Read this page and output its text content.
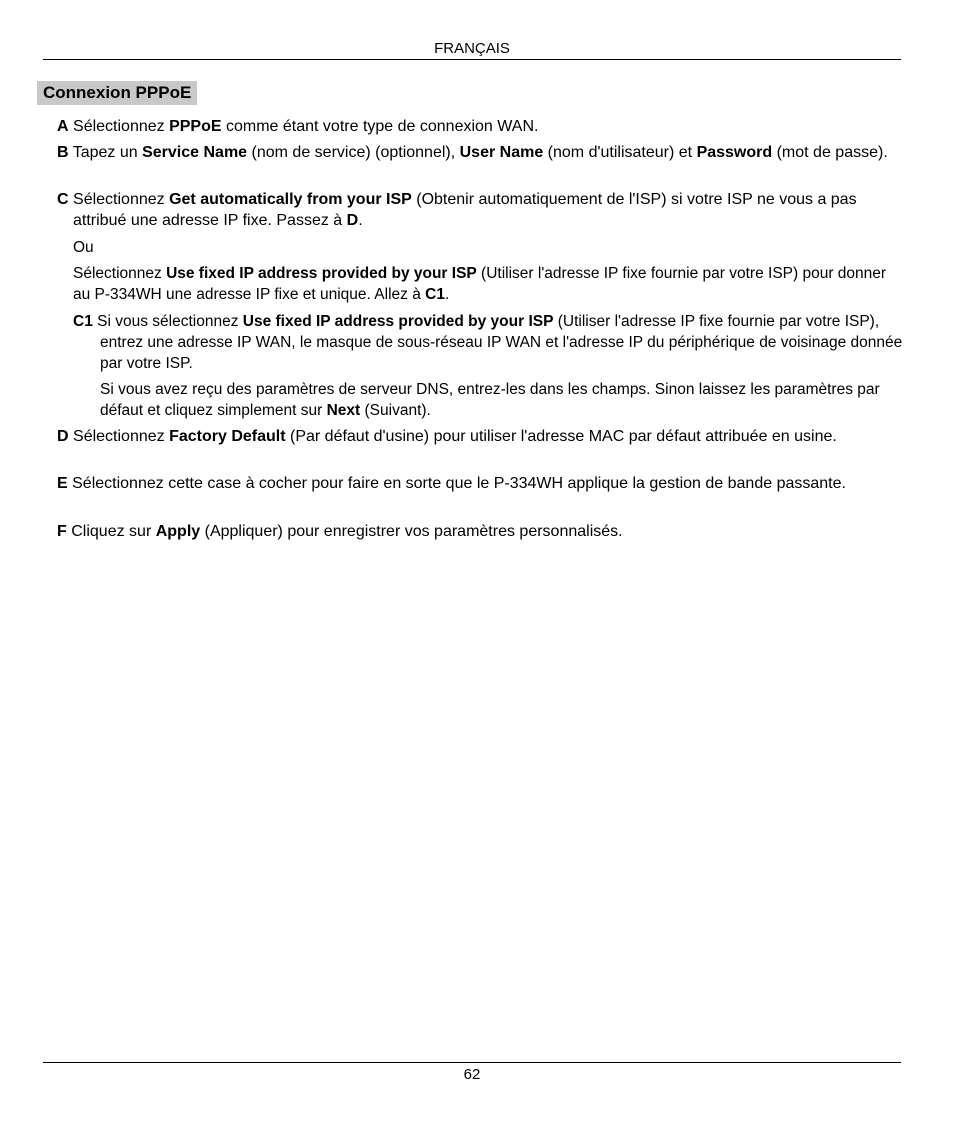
FRANÇAIS
Connexion PPPoE
A Sélectionnez PPPoE comme étant votre type de connexion WAN.
B Tapez un Service Name (nom de service) (optionnel), User Name (nom d'utilisateur) et Password (mot de passe).
C Sélectionnez Get automatically from your ISP (Obtenir automatiquement de l'ISP) si votre ISP ne vous a pas attribué une adresse IP fixe. Passez à D.
Ou
Sélectionnez Use fixed IP address provided by your ISP (Utiliser l'adresse IP fixe fournie par votre ISP) pour donner au P-334WH une adresse IP fixe et unique. Allez à C1.
C1 Si vous sélectionnez Use fixed IP address provided by your ISP (Utiliser l'adresse IP fixe fournie par votre ISP), entrez une adresse IP WAN, le masque de sous-réseau IP WAN et l'adresse IP du périphérique de voisinage donnée par votre ISP.
Si vous avez reçu des paramètres de serveur DNS, entrez-les dans les champs. Sinon laissez les paramètres par défaut et cliquez simplement sur Next (Suivant).
D Sélectionnez Factory Default (Par défaut d'usine) pour utiliser l'adresse MAC par défaut attribuée en usine.
E Sélectionnez cette case à cocher pour faire en sorte que le P-334WH applique la gestion de bande passante.
F Cliquez sur Apply (Appliquer) pour enregistrer vos paramètres personnalisés.
62
